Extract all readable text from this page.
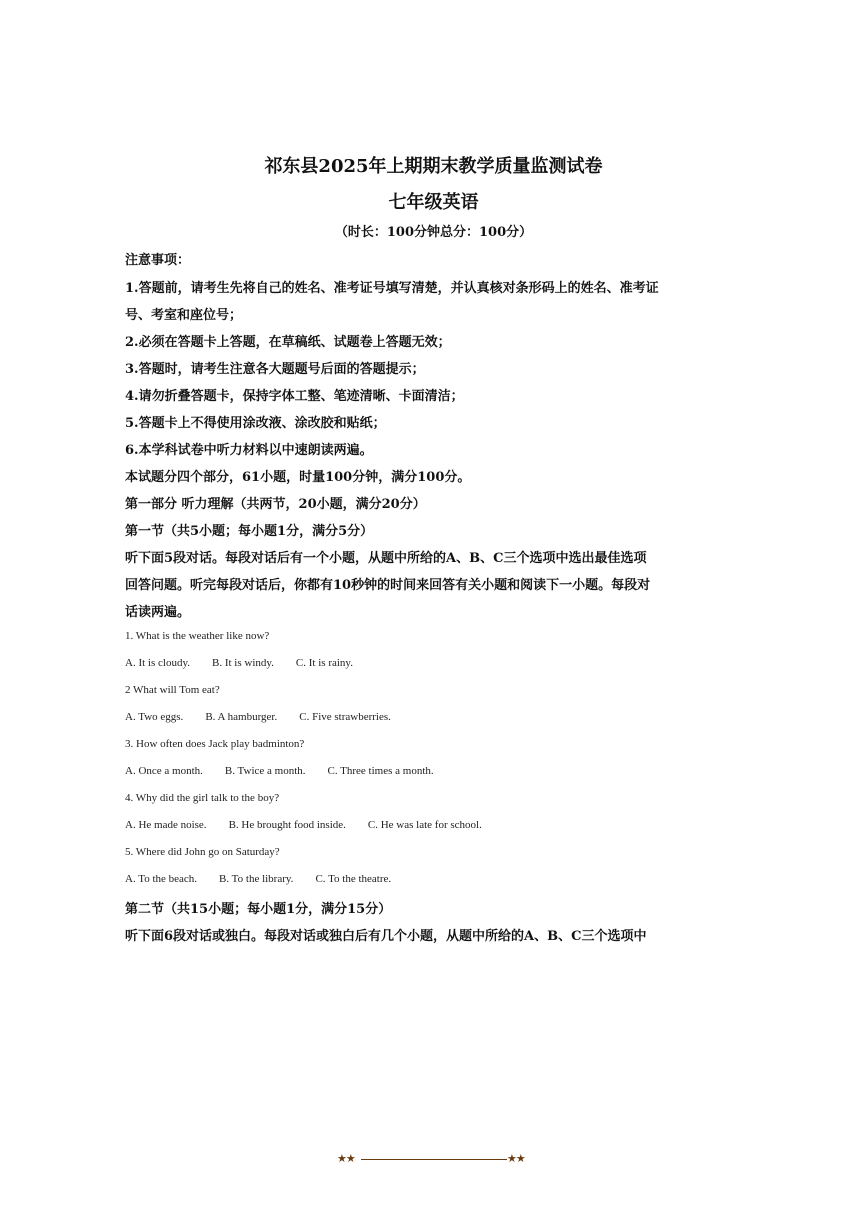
祁东县2025年上期期末教学质量监测试卷
七年级英语
（时长：100分钟总分：100分）
注意事项：
1.答题前，请考生先将自己的姓名、准考证号填写清楚，并认真核对条形码上的姓名、准考证
号、考室和座位号；
2.必须在答题卡上答题，在草稿纸、试题卷上答题无效；
3.答题时，请考生注意各大题题号后面的答题提示；
4.请勿折叠答题卡，保持字体工整、笔迹清晰、卡面清洁；
5.答题卡上不得使用涂改液、涂改胶和贴纸；
6.本学科试卷中听力材料以中速朗读两遍。
本试题分四个部分，61小题，时量100分钟，满分100分。
第一部分 听力理解（共两节，20小题，满分20分）
第一节（共5小题；每小题1分，满分5分）
听下面5段对话。每段对话后有一个小题，从题中所给的A、B、C三个选项中选出最佳选项
回答问题。听完每段对话后，你都有10秒钟的时间来回答有关小题和阅读下一小题。每段对
话读两遍。
1. What is the weather like now?
A. It is cloudy. B. It is windy. C. It is rainy.
2 What will Tom eat?
A. Two eggs. B. A hamburger. C. Five strawberries.
3. How often does Jack play badminton?
A. Once a month. B. Twice a month. C. Three times a month.
4. Why did the girl talk to the boy?
A. He made noise. B. He brought food inside. C. He was late for school.
5. Where did John go on Saturday?
A. To the beach. B. To the library. C. To the theatre.
第二节（共15小题；每小题1分，满分15分）
听下面6段对话或独白。每段对话或独白后有几个小题，从题中所给的A、B、C三个选项中
★★	★★
